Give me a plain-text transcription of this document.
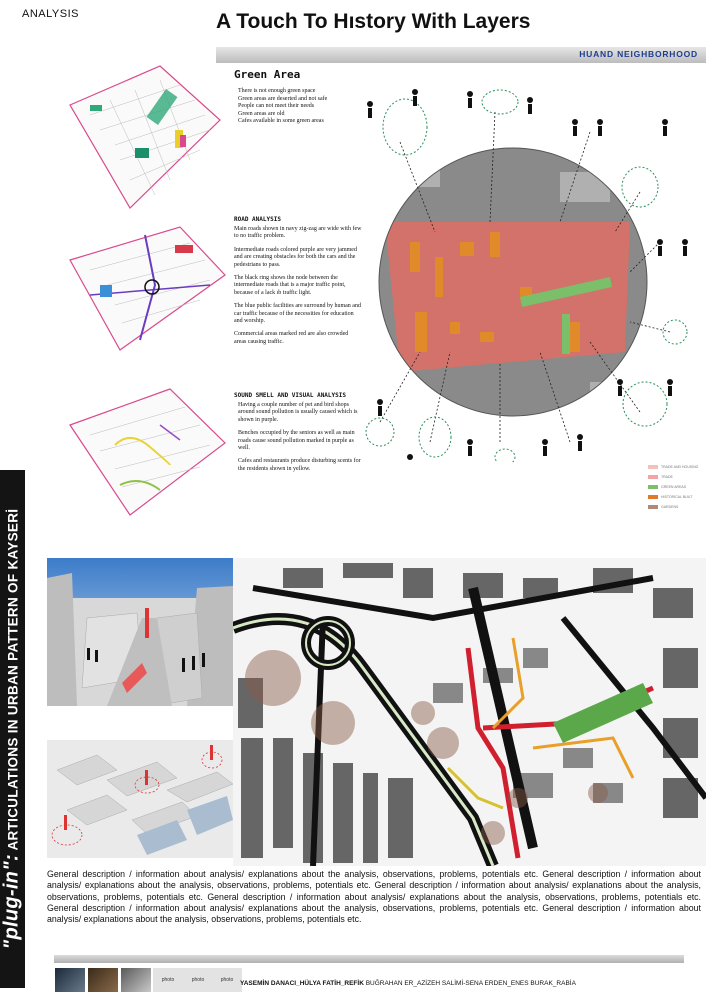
ANALYSIS	A Touch To Hıstory With Layers
HUAND NEIGHBORHOOD
"plug-in": ARTICULATIONS IN URBAN PATTERN OF KAYSERİ
Green Area

There is not enough green space

Green areas are deserted and not safe

People can not meet their needs

Green areas are old

Cafes available in some green areas

ROAD ANALYSIS

Main roads shown in navy zig-zag are wide with few to no traffic problem.

Intermediate roads colored purple are very jammed and are creating obstacles for both the cars and the pedestrians to pass.

The black ring shows the node between the intermediate roads that is a major traffic point, because of a lack ıb traffic light.

The blue public facilities are surround by human and car traffic because of the necessities for education and worship.

Commercial areas marked red are also crowded areas causing traffic.

SOUND SMELL AND VISUAL ANALYSIS

Having a couple number of pet and bird shops around sound pollution is usually caused which is shown in purple.

Benches occupied by the seniors as well as main roads cause sound pollution marked in purple as well.

Cafes and restaurants produce disturbing scents for the residents shown in yellow.	TRADE AND HOUSING
TRADE
GREEN AREAS
HISTORICAL BUILT
GARDENS
General description / information about analysis/ explanations about the analysis, observations, problems, potentials etc. General description / information about analysis/ explanations about the analysis, observations, problems, potentials etc. General description / information about analysis/ explanations about the analysis, observations, problems, potentials etc. General description / information about analysis/ explanations about the analysis, observations, problems, potentials etc. General description / information about analysis/ explanations about the analysis, observations, problems, potentials etc. General description / information about analysis/ explanations about the analysis, observations, problems, potentials etc.
photo	photo	photo	YASEMİN DANACI_HÜLYA FATİH_REFİK BUĞRAHAN ER_AZİZEH SALİMİ-SENA ERDEN_ENES BURAK_RABİA
